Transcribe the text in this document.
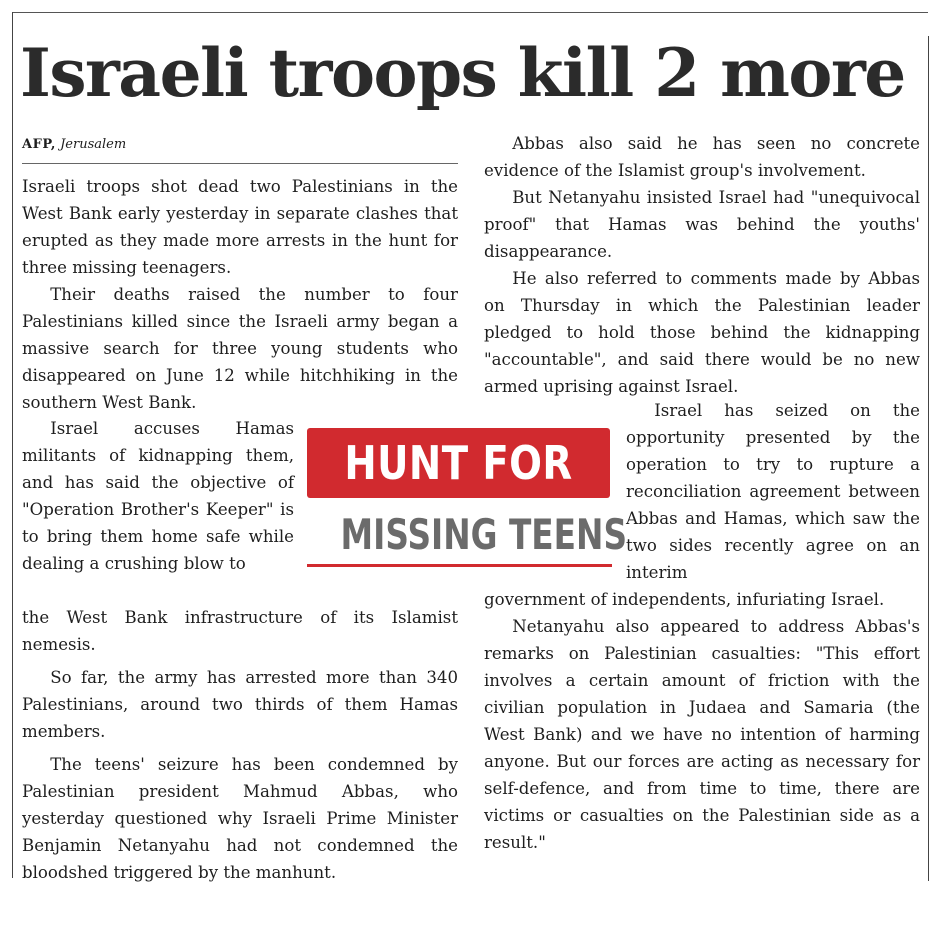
Israeli troops kill 2 more
AFP, Jerusalem

Israeli troops shot dead two Palestinians in the West Bank early yesterday in separate clashes that erupted as they made more arrests in the hunt for three missing teenagers.

Their deaths raised the number to four Palestinians killed since the Israeli army began a massive search for three young students who disappeared on June 12 while hitchhiking in the southern West Bank.

Israel accuses Hamas militants of kidnapping them, and has said the objective of "Operation Brother's Keeper" is to bring them home safe while dealing a crushing blow to

the West Bank infrastructure of its Islamist nemesis.

So far, the army has arrested more than 340 Palestinians, around two thirds of them Hamas members.

The teens' seizure has been condemned by Palestinian president Mahmud Abbas, who yesterday questioned why Israeli Prime Minister Benjamin Netanyahu had not condemned the bloodshed triggered by the manhunt.

Abbas also said he has seen no concrete evidence of the Islamist group's involvement.

But Netanyahu insisted Israel had "unequivocal proof" that Hamas was behind the youths' disappearance.

He also referred to comments made by Abbas on Thursday in which the Palestinian leader pledged to hold those behind the kidnapping "accountable", and said there would be no new armed uprising against Israel.

Israel has seized on the opportunity presented by the operation to try to rupture a reconciliation agreement between Abbas and Hamas, which saw the two sides recently agree on an interim

government of independents, infuriating Israel.

Netanyahu also appeared to address Abbas's remarks on Palestinian casualties: "This effort involves a certain amount of friction with the civilian population in Judaea and Samaria (the West Bank) and we have no intention of harming anyone. But our forces are acting as necessary for self-defence, and from time to time, there are victims or casualties on the Palestinian side as a result."

HUNT FOR
MISSING TEENS
